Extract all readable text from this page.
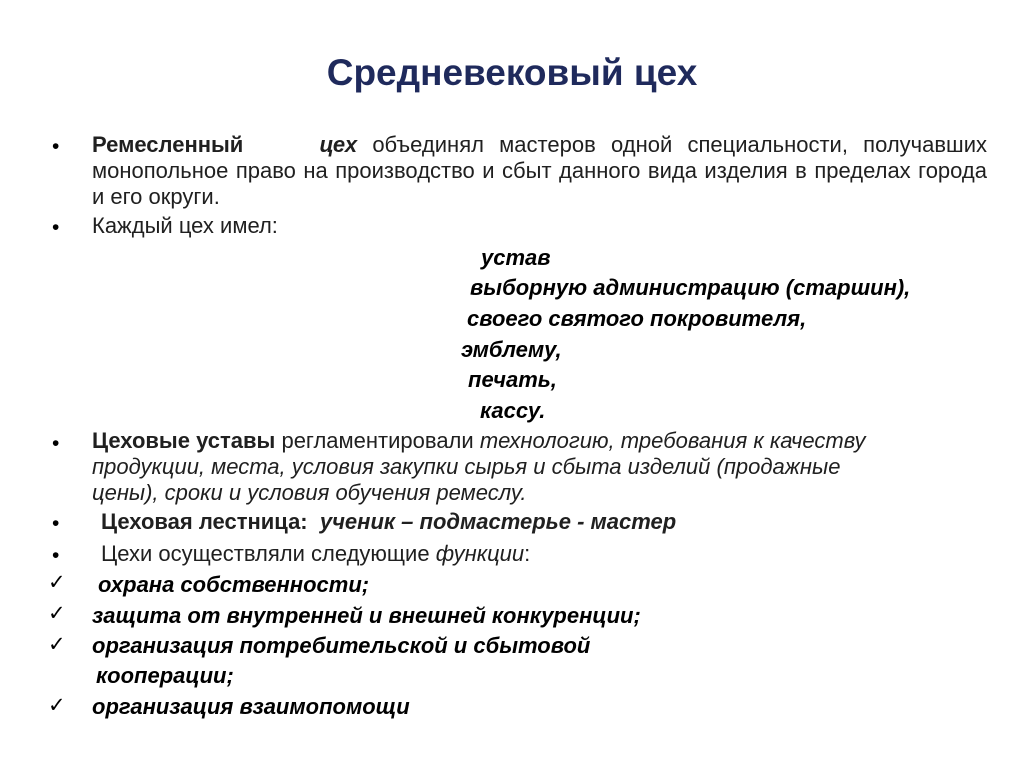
Средневековый цех
• Ремесленный	цех объединял мастеров одной специальности, получавших монопольное право на производство и сбыт данного вида изделия в пределах города и его округи.
• Каждый цех имел:
устав
выборную администрацию (старшин),
своего святого покровителя,
эмблему,
печать,
кассу.
• Цеховые уставы регламентировали технологию, требования к качеству продукции, места, условия закупки сырья и сбыта изделий (продажные цены), сроки и условия обучения ремеслу.
• Цеховая лестница: ученик – подмастерье - мастер
• Цехи осуществляли следующие функции:
✓ охрана собственности;
✓ защита от внутренней и внешней конкуренции;
✓ организация потребительской и сбытовой
кооперации;
✓ организация взаимопомощи
